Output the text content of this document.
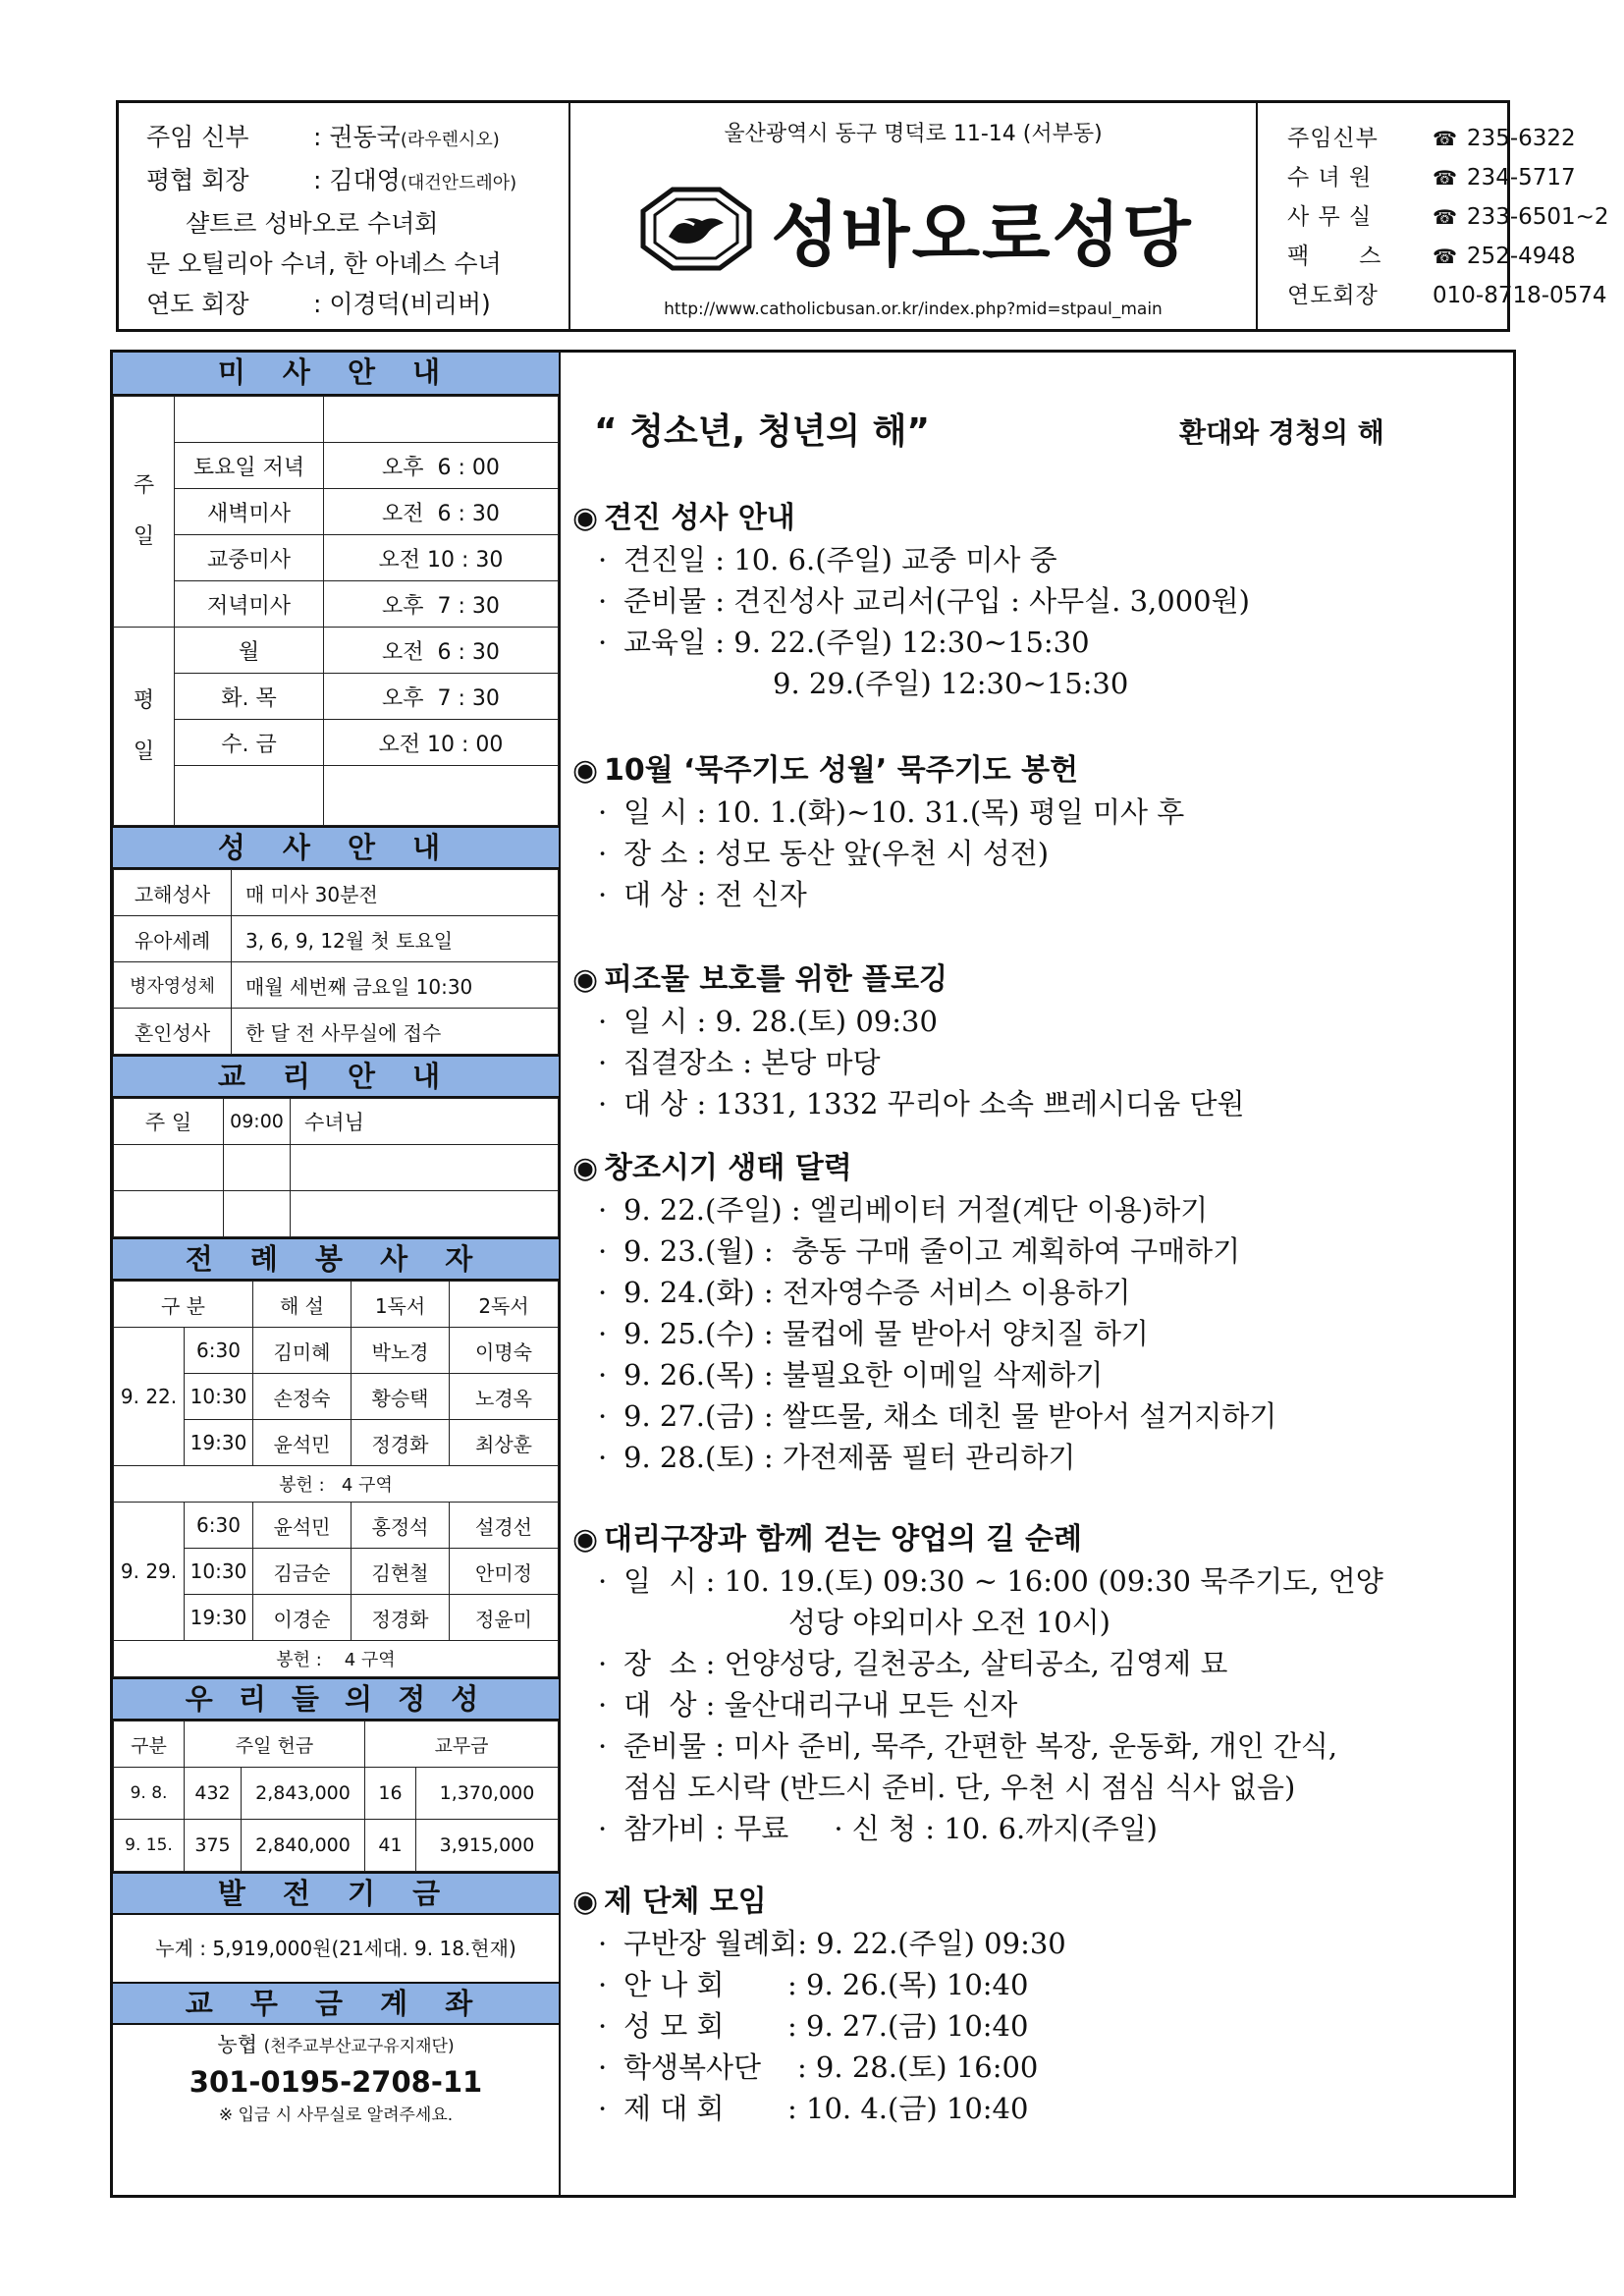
주임 신부	: 권동국(라우렌시오)
평협 회장	: 김대영(대건안드레아)
샬트르 성바오로 수녀회
문 오틸리아 수녀, 한 아녜스 수녀
연도 회장	: 이경덕(비리버)
울산광역시 동구 명덕로 11-14 (서부동)
성바오로성당
http://www.catholicbusan.or.kr/index.php?mid=stpaul_main
주임신부	☎ 235-6322
수 녀 원	☎ 234-5717
사 무 실	☎ 233-6501~2
팩      스	☎ 252-4948
연도회장 010-8718-0574
미 사 안 내
주

일		
	토요일 저녁	오후  6 : 00
	새벽미사	오전  6 : 30
	교중미사	오전 10 : 30
	저녁미사	오후  7 : 30
평

일	월	오전  6 : 30
	화. 목	오후  7 : 30
	수. 금	오전 10 : 00

성 사 안 내
고해성사	매 미사 30분전
유아세례	3, 6, 9, 12월 첫 토요일
병자영성체	매월 세번째 금요일 10:30
혼인성사	한 달 전 사무실에 접수
교 리 안 내
주 일	09:00	수녀님

전 례 봉 사 자
구 분		해 설	1독서	2독서
9. 22.	6:30	김미혜	박노경	이명숙
	10:30	손정숙	황승택	노경옥
	19:30	윤석민	정경화	최상훈
봉헌 :   4 구역				
9. 29.	6:30	윤석민	홍정석	설경선
	10:30	김금순	김현철	안미정
	19:30	이경순	정경화	정윤미
봉헌 :    4 구역				
우 리 들 의 정 성
구분	주일 헌금		교무금	
9. 8.	432	2,843,000	16	1,370,000
9. 15.	375	2,840,000	41	3,915,000
발 전 기 금
누계 : 5,919,000원(21세대. 9. 18.현재)
교 무 금 계 좌
농협 (천주교부산교구유지재단)
301-0195-2708-11
※ 입금 시 사무실로 알려주세요.
“ 청소년, 청년의 해”	환대와 경청의 해
◉ 견진 성사 안내
· 견진일 : 10. 6.(주일) 교중 미사 중
· 준비물 : 견진성사 교리서(구입 : 사무실. 3,000원)
· 교육일 : 9. 22.(주일) 12:30~15:30
9. 29.(주일) 12:30~15:30
◉ 10월 ‘묵주기도 성월’ 묵주기도 봉헌
· 일 시 : 10. 1.(화)~10. 31.(목) 평일 미사 후
· 장 소 : 성모 동산 앞(우천 시 성전)
· 대 상 : 전 신자
◉ 피조물 보호를 위한 플로깅
· 일 시 : 9. 28.(토) 09:30
· 집결장소 : 본당 마당
· 대 상 : 1331, 1332 꾸리아 소속 쁘레시디움 단원
◉ 창조시기 생태 달력
· 9. 22.(주일) : 엘리베이터 거절(계단 이용)하기
· 9. 23.(월) :  충동 구매 줄이고 계획하여 구매하기
· 9. 24.(화) : 전자영수증 서비스 이용하기
· 9. 25.(수) : 물컵에 물 받아서 양치질 하기
· 9. 26.(목) : 불필요한 이메일 삭제하기
· 9. 27.(금) : 쌀뜨물, 채소 데친 물 받아서 설거지하기
· 9. 28.(토) : 가전제품 필터 관리하기
◉ 대리구장과 함께 걷는 양업의 길 순례
· 일  시 : 10. 19.(토) 09:30 ~ 16:00 (09:30 묵주기도, 언양
성당 야외미사 오전 10시)
· 장  소 : 언양성당, 길천공소, 살티공소, 김영제 묘
· 대  상 : 울산대리구내 모든 신자
· 준비물 : 미사 준비, 묵주, 간편한 복장, 운동화, 개인 간식,
점심 도시락 (반드시 준비. 단, 우천 시 점심 식사 없음)
· 참가비 : 무료     · 신 청 : 10. 6.까지(주일)
◉ 제 단체 모임
· 구반장 월례회: 9. 22.(주일) 09:30
· 안 나 회       : 9. 26.(목) 10:40
· 성 모 회       : 9. 27.(금) 10:40
· 학생복사단    : 9. 28.(토) 16:00
· 제 대 회       : 10. 4.(금) 10:40
